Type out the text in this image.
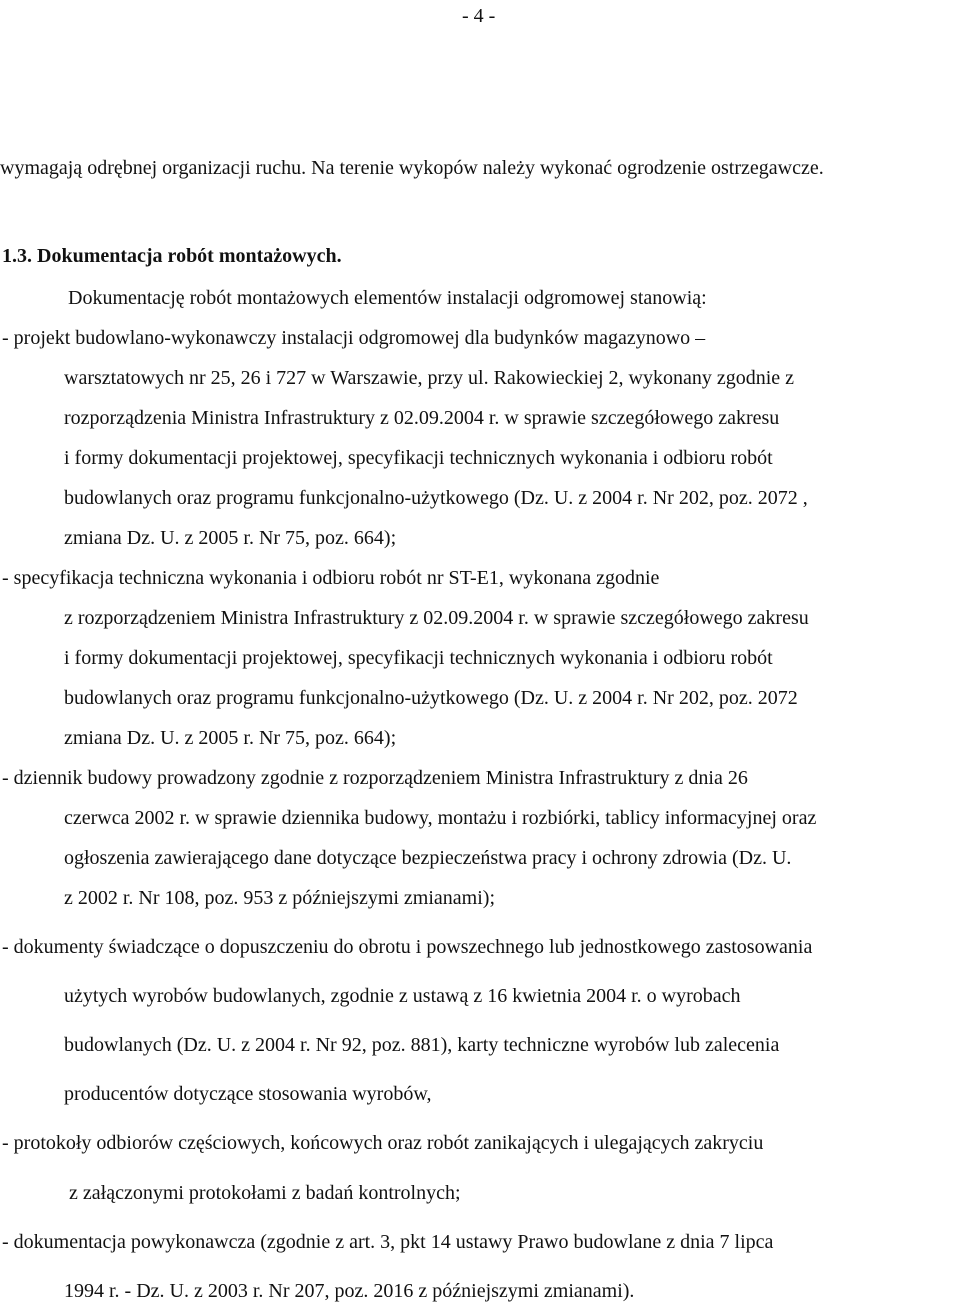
- 4 -
wymagają odrębnej organizacji ruchu. Na terenie wykopów należy wykonać ogrodzenie ostrzegawcze.
1.3. Dokumentacja robót montażowych.
Dokumentację robót montażowych elementów instalacji odgromowej stanowią:
- projekt budowlano-wykonawczy instalacji odgromowej dla budynków magazynowo –
warsztatowych nr 25, 26 i 727 w Warszawie, przy ul. Rakowieckiej 2, wykonany zgodnie z
rozporządzenia Ministra Infrastruktury z 02.09.2004 r. w sprawie szczegółowego zakresu
i formy dokumentacji projektowej, specyfikacji technicznych wykonania i odbioru robót
budowlanych oraz programu funkcjonalno-użytkowego (Dz. U. z 2004 r. Nr 202, poz. 2072 ,
zmiana Dz. U. z 2005 r. Nr 75, poz. 664);
- specyfikacja techniczna wykonania i odbioru robót nr ST-E1, wykonana zgodnie
z rozporządzeniem Ministra Infrastruktury z 02.09.2004 r. w sprawie szczegółowego zakresu
i formy dokumentacji projektowej, specyfikacji technicznych wykonania i odbioru robót
budowlanych oraz programu funkcjonalno-użytkowego (Dz. U. z 2004 r. Nr 202, poz. 2072
zmiana Dz. U. z 2005 r. Nr 75, poz. 664);
- dziennik budowy prowadzony zgodnie z rozporządzeniem Ministra Infrastruktury z dnia 26
czerwca 2002 r. w sprawie dziennika budowy, montażu i rozbiórki, tablicy informacyjnej oraz
ogłoszenia zawierającego dane dotyczące bezpieczeństwa pracy i ochrony zdrowia (Dz. U.
z 2002 r. Nr 108, poz. 953 z późniejszymi zmianami);
- dokumenty świadczące o dopuszczeniu do obrotu i powszechnego lub jednostkowego zastosowania
użytych wyrobów budowlanych, zgodnie z ustawą z 16 kwietnia 2004 r. o wyrobach
budowlanych (Dz. U. z 2004 r. Nr 92, poz. 881), karty techniczne wyrobów lub zalecenia
producentów dotyczące stosowania wyrobów,
- protokoły odbiorów częściowych, końcowych oraz robót zanikających i ulegających zakryciu
z załączonymi protokołami z badań kontrolnych;
- dokumentacja powykonawcza (zgodnie z art. 3, pkt 14 ustawy Prawo budowlane z dnia 7 lipca
1994 r. - Dz. U. z 2003 r. Nr 207, poz. 2016 z późniejszymi zmianami).
